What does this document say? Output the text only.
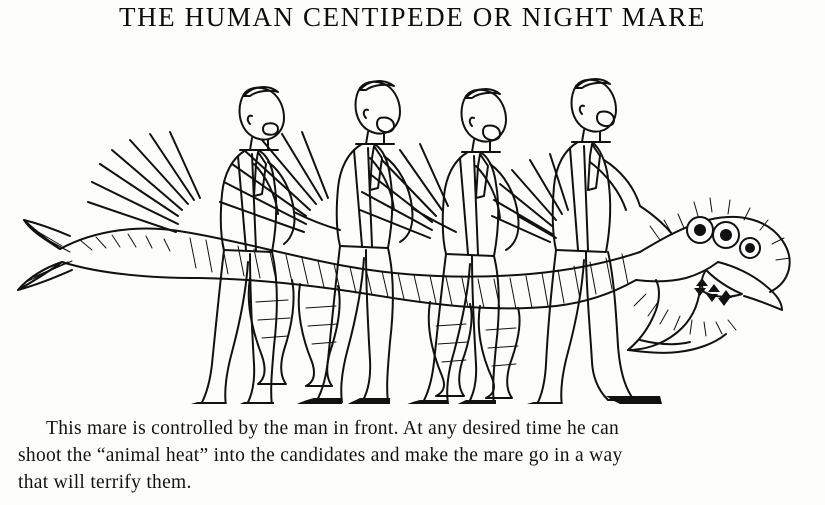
THE HUMAN CENTIPEDE OR NIGHT MARE
This mare is controlled by the man in front. At any desired time he can
shoot the “animal heat” into the candidates and make the mare go in a way
that will terrify them.
